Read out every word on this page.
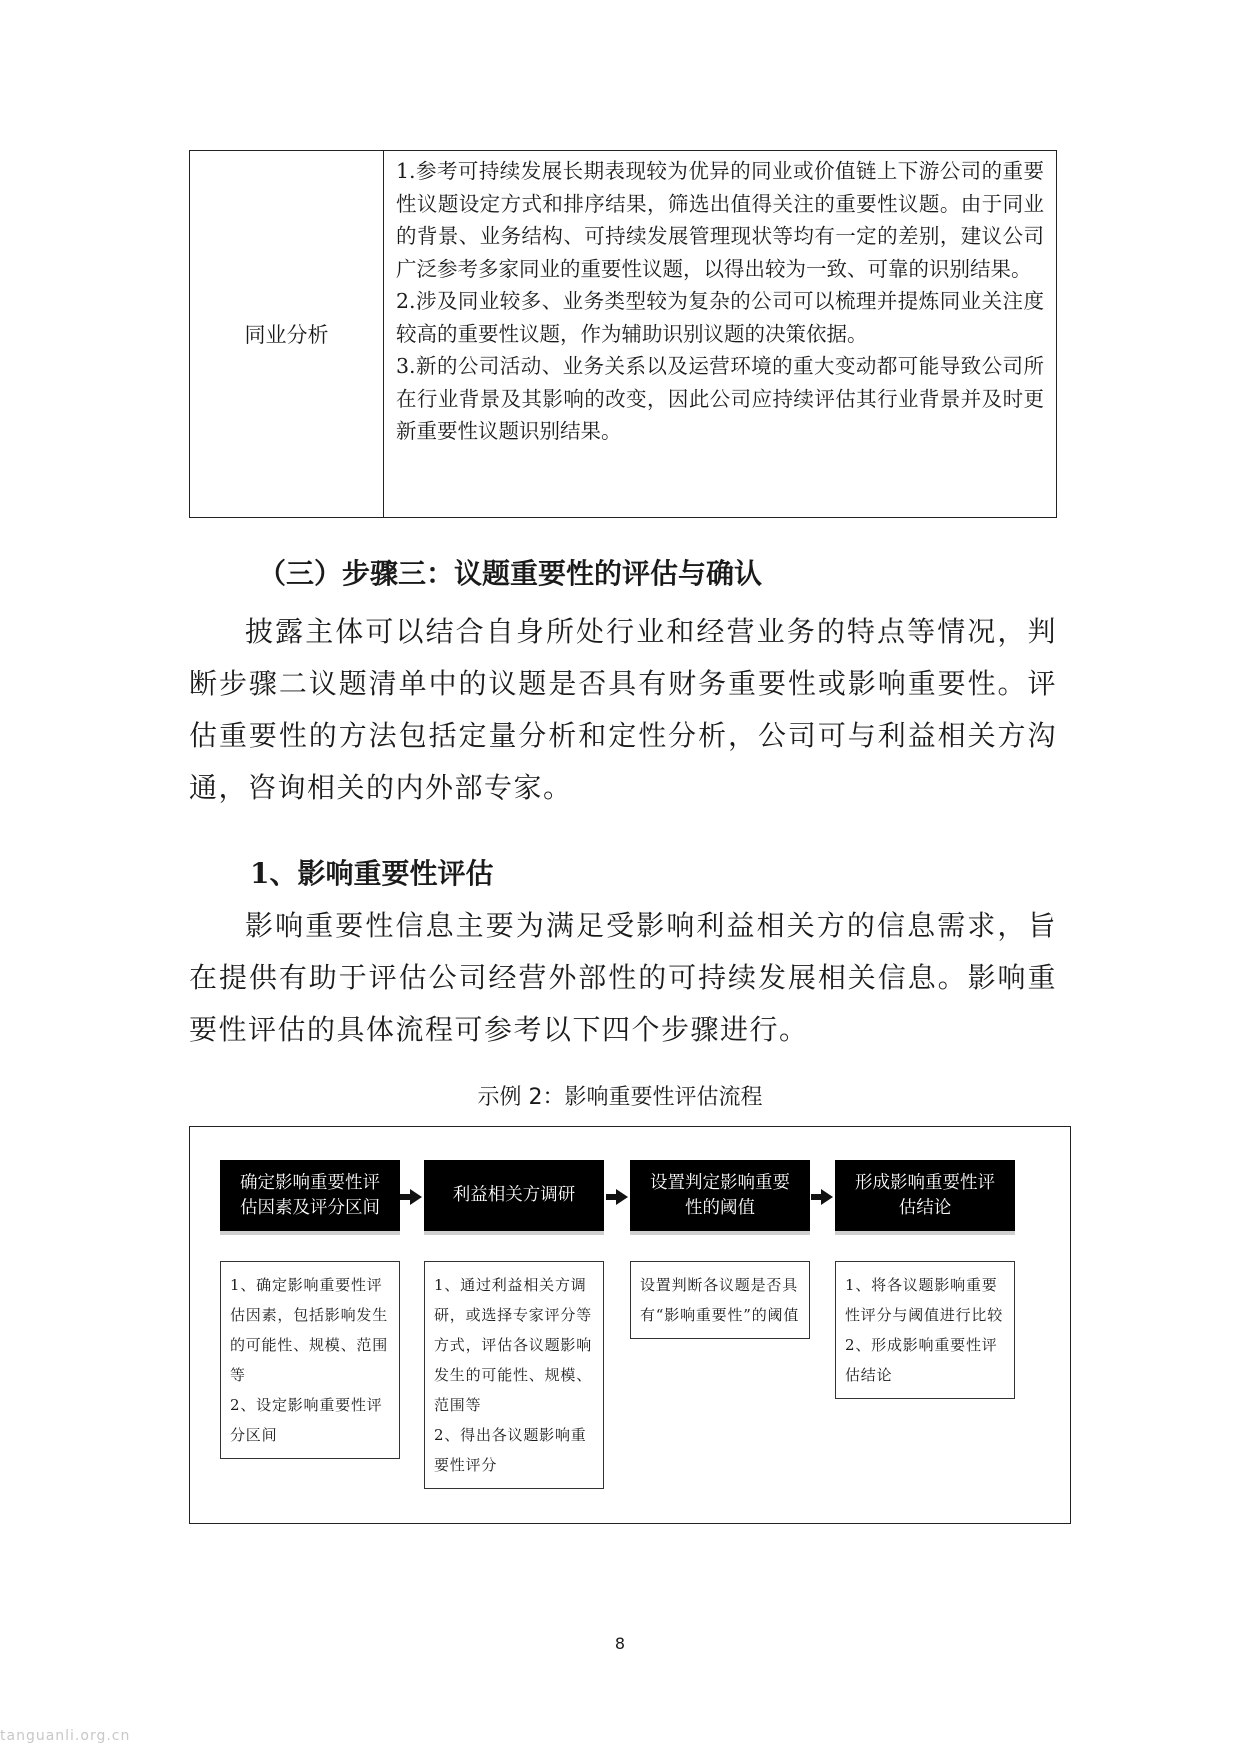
同业分析

1.参考可持续发展长期表现较为优异的同业或价值链上下游公司的重要性议题设定方式和排序结果，筛选出值得关注的重要性议题。由于同业的背景、业务结构、可持续发展管理现状等均有一定的差别，建议公司广泛参考多家同业的重要性议题，以得出较为一致、可靠的识别结果。

2.涉及同业较多、业务类型较为复杂的公司可以梳理并提炼同业关注度较高的重要性议题，作为辅助识别议题的决策依据。

3.新的公司活动、业务关系以及运营环境的重大变动都可能导致公司所在行业背景及其影响的改变，因此公司应持续评估其行业背景并及时更新重要性议题识别结果。

（三）步骤三：议题重要性的评估与确认

披露主体可以结合自身所处行业和经营业务的特点等情况，判断步骤二议题清单中的议题是否具有财务重要性或影响重要性。评估重要性的方法包括定量分析和定性分析，公司可与利益相关方沟通，咨询相关的内外部专家。

1、影响重要性评估

影响重要性信息主要为满足受影响利益相关方的信息需求，旨在提供有助于评估公司经营外部性的可持续发展相关信息。影响重要性评估的具体流程可参考以下四个步骤进行。

示例 2：影响重要性评估流程

确定影响重要性评估因素及评分区间
利益相关方调研
设置判定影响重要性的阈值
形成影响重要性评估结论

1、确定影响重要性评估因素，包括影响发生的可能性、规模、范围等

2、设定影响重要性评分区间

1、通过利益相关方调研，或选择专家评分等方式，评估各议题影响发生的可能性、规模、范围等

2、得出各议题影响重要性评分

设置判断各议题是否具有“影响重要性”的阈值

1、将各议题影响重要性评分与阈值进行比较

2、形成影响重要性评估结论

8

tanguanli.org.cn
